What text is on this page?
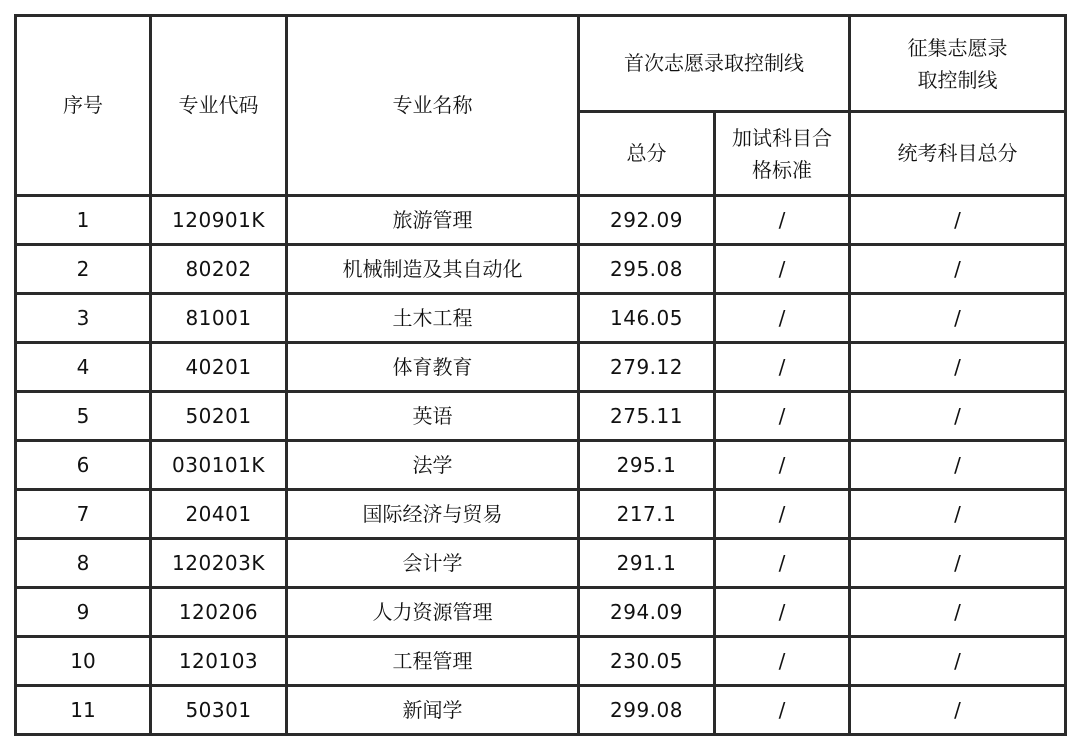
序号	专业代码	专业名称	首次志愿录取控制线		征集志愿录
取控制线

			总分	加试科目合
格标准	统考科目总分
1	120901K	旅游管理	292.09	/	/
2	80202	机械制造及其自动化	295.08	/	/
3	81001	土木工程	146.05	/	/
4	40201	体育教育	279.12	/	/
5	50201	英语	275.11	/	/
6	030101K	法学	295.1	/	/
7	20401	国际经济与贸易	217.1	/	/
8	120203K	会计学	291.1	/	/
9	120206	人力资源管理	294.09	/	/
10	120103	工程管理	230.05	/	/
11	50301	新闻学	299.08	/	/
